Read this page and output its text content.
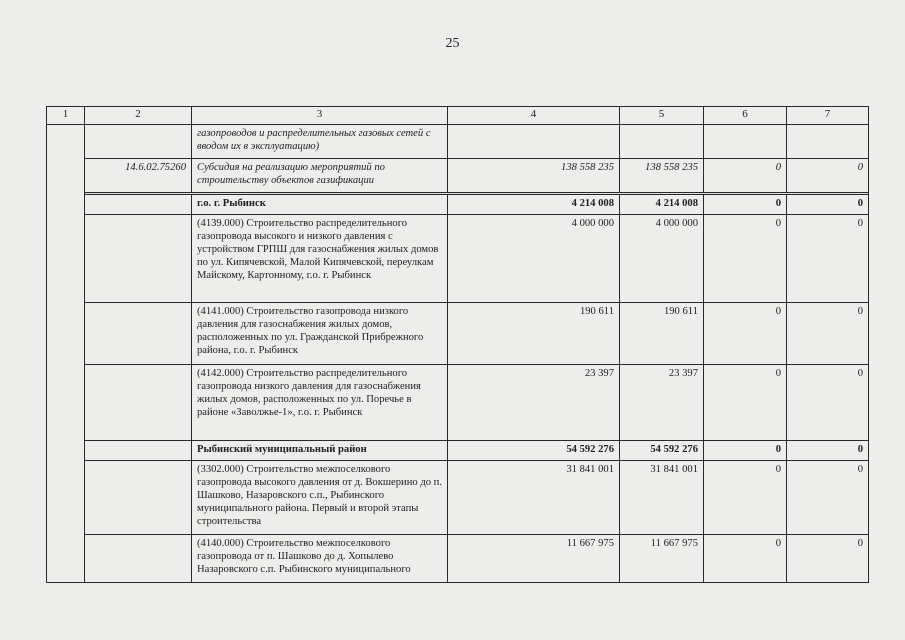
25
1	2	3	4	5	6	7
		газопроводов и распределительных газовых сетей с вводом их в эксплуатацию)				
	14.6.02.75260	Субсидия на реализацию мероприятий по строительству объектов газификации	138 558 235	138 558 235	0	0

		г.о. г. Рыбинск	4 214 008	4 214 008	0	0
		(4139.000) Строительство распределительного газопровода высокого и низкого давления с устройством ГРПШ для газоснабжения жилых домов по ул. Кипячевской, Малой Кипячевской, переулкам Майскому, Картонному, г.о. г. Рыбинск	4 000 000	4 000 000	0	0
		(4141.000) Строительство газопровода низкого давления для газоснабжения жилых домов, расположенных по ул. Гражданской Прибрежного района, г.о. г. Рыбинск	190 611	190 611	0	0
		(4142.000) Строительство распределительного газопровода низкого давления для газоснабжения жилых домов, расположенных по ул. Поречье в районе «Заволжье-1», г.о. г. Рыбинск	23 397	23 397	0	0
		Рыбинский муниципальный район	54 592 276	54 592 276	0	0
		(3302.000) Строительство межпоселкового газопровода высокого давления от д. Вокшерино до п. Шашково, Назаровского с.п., Рыбинского муниципального района. Первый и второй этапы строительства	31 841 001	31 841 001	0	0
		(4140.000) Строительство межпоселкового газопровода от п. Шашково до д. Хопылево Назаровского с.п. Рыбинского муниципального	11 667 975	11 667 975	0	0
